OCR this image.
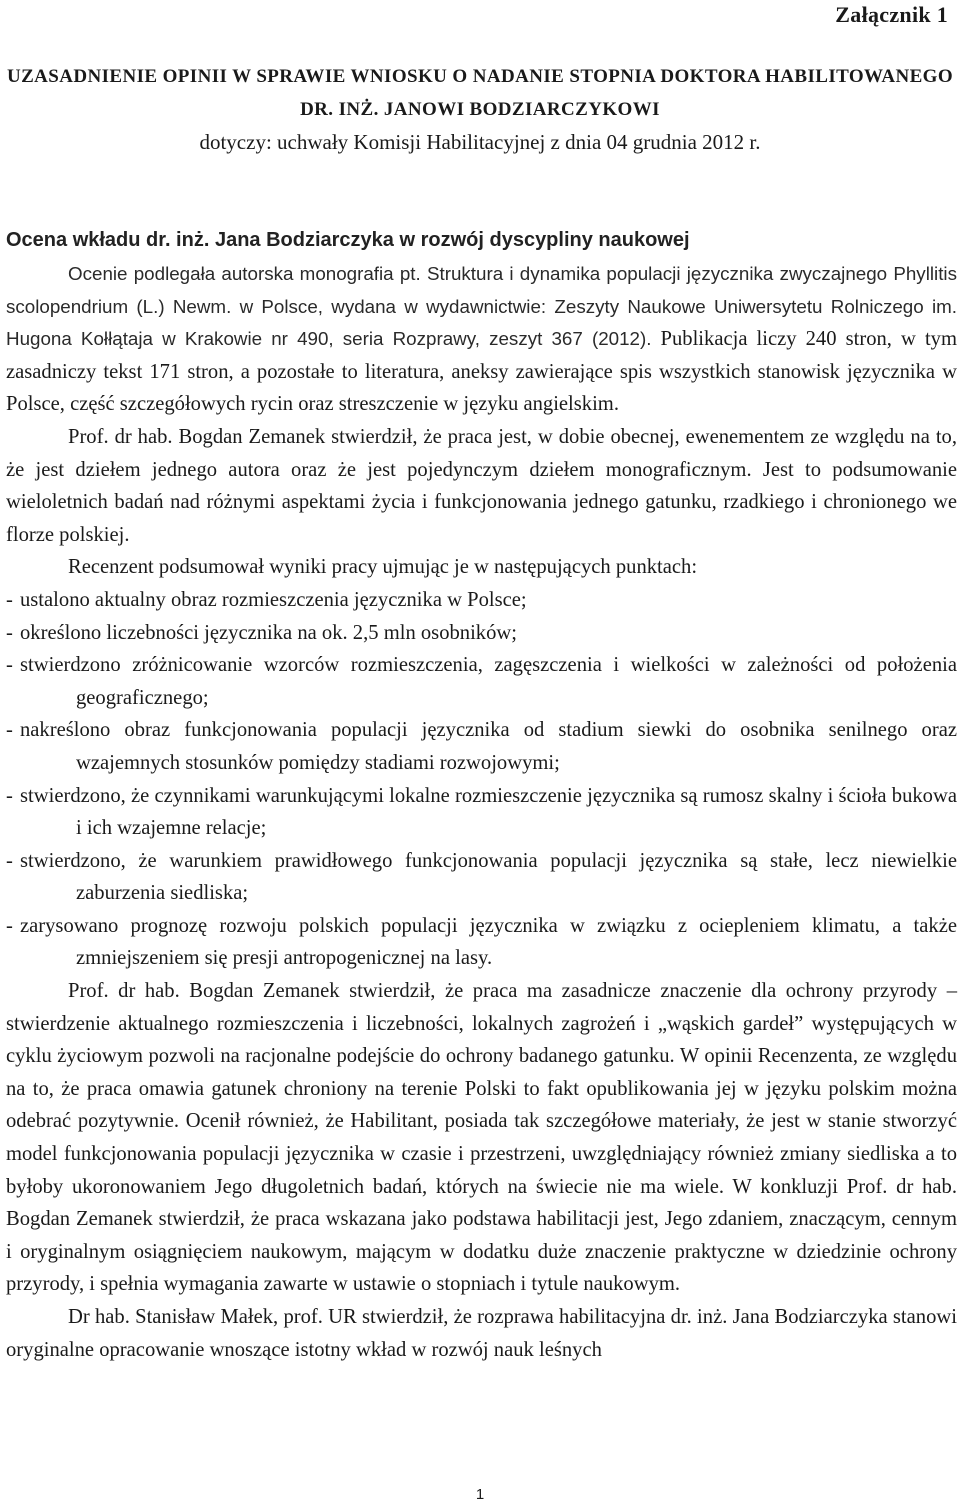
Załącznik 1
UZASADNIENIE OPINII W SPRAWIE WNIOSKU O NADANIE STOPNIA DOKTORA HABILITOWANEGO
DR. INŻ. JANOWI BODZIARCZYKOWI
dotyczy: uchwały Komisji Habilitacyjnej z dnia 04 grudnia 2012 r.
Ocena wkładu dr. inż. Jana Bodziarczyka w rozwój dyscypliny naukowej

Ocenie podlegała autorska monografia pt. Struktura i dynamika populacji języcznika zwyczajnego Phyllitis scolopendrium (L.) Newm. w Polsce, wydana w wydawnictwie: Zeszyty Naukowe Uniwersytetu Rolniczego im. Hugona Kołłątaja w Krakowie nr 490, seria Rozprawy, zeszyt 367 (2012). Publikacja liczy 240 stron, w tym zasadniczy tekst 171 stron, a pozostałe to literatura, aneksy zawierające spis wszystkich stanowisk języcznika w Polsce, część szczegółowych rycin oraz streszczenie w języku angielskim.

Prof. dr hab. Bogdan Zemanek stwierdził, że praca jest, w dobie obecnej, ewenementem ze względu na to, że jest dziełem jednego autora oraz że jest pojedynczym dziełem monograficznym. Jest to podsumowanie wieloletnich badań nad różnymi aspektami życia i funkcjonowania jednego gatunku, rzadkiego i chronionego we florze polskiej.

Recenzent podsumował wyniki pracy ujmując je w następujących punktach:

- ustalono aktualny obraz rozmieszczenia języcznika w Polsce;

- określono liczebności języcznika na ok. 2,5 mln osobników;

- stwierdzono zróżnicowanie wzorców rozmieszczenia, zagęszczenia i wielkości w zależności od położenia geograficznego;

- nakreślono obraz funkcjonowania populacji języcznika od stadium siewki do osobnika senilnego oraz wzajemnych stosunków pomiędzy stadiami rozwojowymi;

- stwierdzono, że czynnikami warunkującymi lokalne rozmieszczenie języcznika są rumosz skalny i ścioła bukowa i ich wzajemne relacje;

- stwierdzono, że warunkiem prawidłowego funkcjonowania populacji języcznika są stałe, lecz niewielkie zaburzenia siedliska;

- zarysowano prognozę rozwoju polskich populacji języcznika w związku z ociepleniem klimatu, a także zmniejszeniem się presji antropogenicznej na lasy.

Prof. dr hab. Bogdan Zemanek stwierdził, że praca ma zasadnicze znaczenie dla ochrony przyrody – stwierdzenie aktualnego rozmieszczenia i liczebności, lokalnych zagrożeń i „wąskich gardeł” występujących w cyklu życiowym pozwoli na racjonalne podejście do ochrony badanego gatunku. W opinii Recenzenta, ze względu na to, że praca omawia gatunek chroniony na terenie Polski to fakt opublikowania jej w języku polskim można odebrać pozytywnie. Ocenił również, że Habilitant, posiada tak szczegółowe materiały, że jest w stanie stworzyć model funkcjonowania populacji języcznika w czasie i przestrzeni, uwzględniający również zmiany siedliska a to byłoby ukoronowaniem Jego długoletnich badań, których na świecie nie ma wiele. W konkluzji Prof. dr hab. Bogdan Zemanek stwierdził, że praca wskazana jako podstawa habilitacji jest, Jego zdaniem, znaczącym, cennym i oryginalnym osiągnięciem naukowym, mającym w dodatku duże znaczenie praktyczne w dziedzinie ochrony przyrody, i spełnia wymagania zawarte w ustawie o stopniach i tytule naukowym.

Dr hab. Stanisław Małek, prof. UR stwierdził, że rozprawa habilitacyjna dr. inż. Jana Bodziarczyka stanowi oryginalne opracowanie wnoszące istotny wkład w rozwój nauk leśnych

1
